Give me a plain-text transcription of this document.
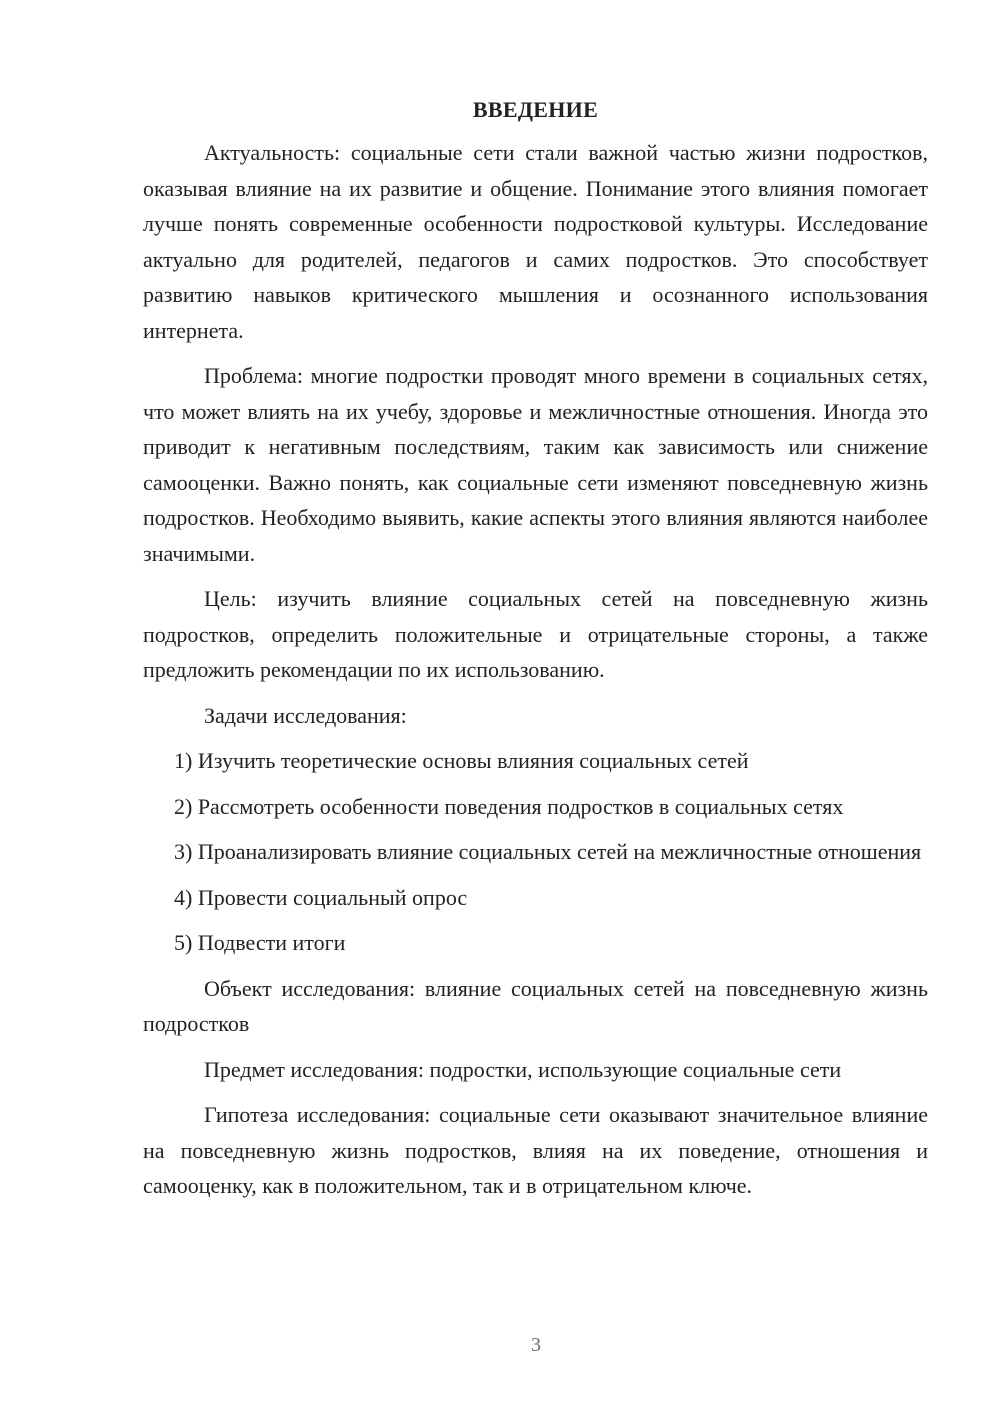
ВВЕДЕНИЕ

Актуальность: социальные сети стали важной частью жизни подростков, оказывая влияние на их развитие и общение. Понимание этого влияния помогает лучше понять современные особенности подростковой культуры. Исследование актуально для родителей, педагогов и самих подростков. Это способствует развитию навыков критического мышления и осознанного использования интернета.

Проблема: многие подростки проводят много времени в социальных сетях, что может влиять на их учебу, здоровье и межличностные отношения. Иногда это приводит к негативным последствиям, таким как зависимость или снижение самооценки. Важно понять, как социальные сети изменяют повседневную жизнь подростков. Необходимо выявить, какие аспекты этого влияния являются наиболее значимыми.

Цель: изучить влияние социальных сетей на повседневную жизнь подростков, определить положительные и отрицательные стороны, а также предложить рекомендации по их использованию.

Задачи исследования:

1) Изучить теоретические основы влияния социальных сетей

2) Рассмотреть особенности поведения подростков в социальных сетях

3) Проанализировать влияние социальных сетей на межличностные отношения

4) Провести социальный опрос

5) Подвести итоги

Объект исследования: влияние социальных сетей на повседневную жизнь подростков

Предмет исследования: подростки, использующие социальные сети

Гипотеза исследования: социальные сети оказывают значительное влияние на повседневную жизнь подростков, влияя на их поведение, отношения и самооценку, как в положительном, так и в отрицательном ключе.

3
